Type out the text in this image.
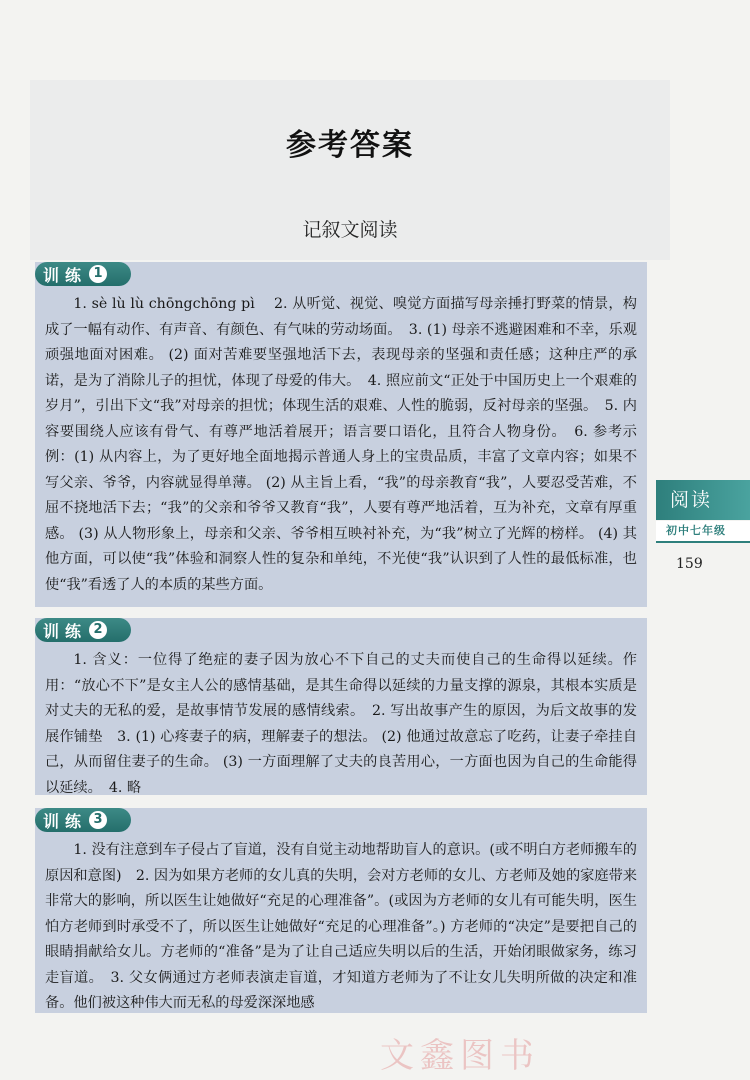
参考答案
记叙文阅读
训练 1

1. sè lù lù chōngchōng pì　 2. 从听觉、视觉、嗅觉方面描写母亲捶打野菜的情景，构成了一幅有动作、有声音、有颜色、有气味的劳动场面。　3. (1) 母亲不逃避困难和不幸，乐观顽强地面对困难。 (2) 面对苦难要坚强地活下去，表现母亲的坚强和责任感；这种庄严的承诺，是为了消除儿子的担忧，体现了母爱的伟大。　4. 照应前文“正处于中国历史上一个艰难的岁月”，引出下文“我”对母亲的担忧；体现生活的艰难、人性的脆弱，反衬母亲的坚强。　5. 内容要围绕人应该有骨气、有尊严地活着展开；语言要口语化，且符合人物身份。　6. 参考示例：(1) 从内容上，为了更好地全面地揭示普通人身上的宝贵品质，丰富了文章内容；如果不写父亲、爷爷，内容就显得单薄。 (2) 从主旨上看，“我”的母亲教育“我”，人要忍受苦难，不屈不挠地活下去；“我”的父亲和爷爷又教育“我”，人要有尊严地活着，互为补充，文章有厚重感。 (3) 从人物形象上，母亲和父亲、爷爷相互映衬补充，为“我”树立了光辉的榜样。 (4) 其他方面，可以使“我”体验和洞察人性的复杂和单纯，不光使“我”认识到了人性的最低标准，也使“我”看透了人的本质的某些方面。

训练 2

1. 含义：一位得了绝症的妻子因为放心不下自己的丈夫而使自己的生命得以延续。作用：“放心不下”是女主人公的感情基础，是其生命得以延续的力量支撑的源泉，其根本实质是对丈夫的无私的爱，是故事情节发展的感情线索。　2. 写出故事产生的原因，为后文故事的发展作铺垫　3. (1) 心疼妻子的病，理解妻子的想法。 (2) 他通过故意忘了吃药，让妻子牵挂自己，从而留住妻子的生命。 (3) 一方面理解了丈夫的良苦用心，一方面也因为自己的生命能得以延续。　4. 略

训练 3

1. 没有注意到车子侵占了盲道，没有自觉主动地帮助盲人的意识。(或不明白方老师搬车的原因和意图)　2. 因为如果方老师的女儿真的失明，会对方老师的女儿、方老师及她的家庭带来非常大的影响，所以医生让她做好“充足的心理准备”。(或因为方老师的女儿有可能失明，医生怕方老师到时承受不了，所以医生让她做好“充足的心理准备”。) 方老师的“决定”是要把自己的眼睛捐献给女儿。方老师的“准备”是为了让自己适应失明以后的生活，开始闭眼做家务，练习走盲道。　3. 父女俩通过方老师表演走盲道，才知道方老师为了不让女儿失明所做的决定和准备。他们被这种伟大而无私的母爱深深地感

阅读
初中七年级
159
文鑫图书
